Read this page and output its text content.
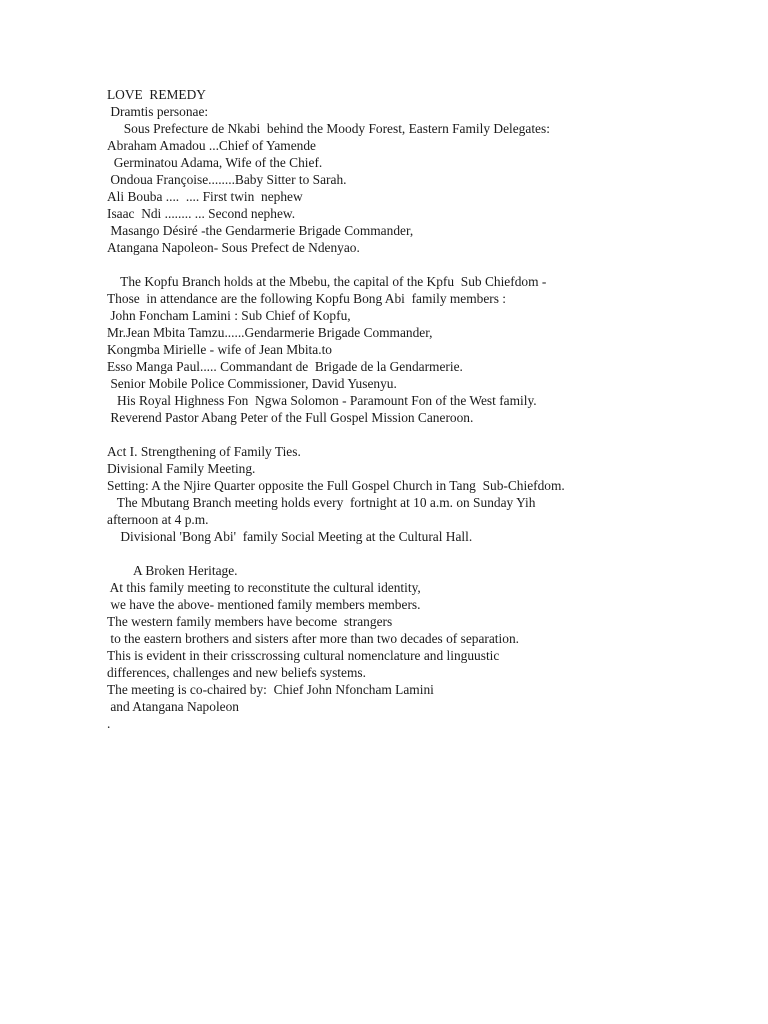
LOVE  REMEDY
Dramtis personae:
Sous Prefecture de Nkabi  behind the Moody Forest, Eastern Family Delegates:
Abraham Amadou ...Chief of Yamende
Germinatou Adama, Wife of the Chief.
Ondoua Françoise........Baby Sitter to Sarah.
Ali Bouba ....  .... First twin  nephew
Isaac  Ndi ........ ... Second nephew.
Masango Désiré -the Gendarmerie Brigade Commander,
Atangana Napoleon- Sous Prefect de Ndenyao.
The Kopfu Branch holds at the Mbebu, the capital of the Kpfu  Sub Chiefdom -
Those  in attendance are the following Kopfu Bong Abi  family members :
John Foncham Lamini : Sub Chief of Kopfu,
Mr.Jean Mbita Tamzu......Gendarmerie Brigade Commander,
Kongmba Mirielle - wife of Jean Mbita.to
Esso Manga Paul..... Commandant de  Brigade de la Gendarmerie.
Senior Mobile Police Commissioner, David Yusenyu.
His Royal Highness Fon  Ngwa Solomon - Paramount Fon of the West family.
Reverend Pastor Abang Peter of the Full Gospel Mission Caneroon.
Act I. Strengthening of Family Ties.
Divisional Family Meeting.
Setting: A the Njire Quarter opposite the Full Gospel Church in Tang  Sub-Chiefdom.
The Mbutang Branch meeting holds every  fortnight at 10 a.m. on Sunday Yih
afternoon at 4 p.m.
Divisional 'Bong Abi'  family Social Meeting at the Cultural Hall.
A Broken Heritage.
At this family meeting to reconstitute the cultural identity,
we have the above- mentioned family members members.
The western family members have become  strangers
to the eastern brothers and sisters after more than two decades of separation.
This is evident in their crisscrossing cultural nomenclature and linguustic
differences, challenges and new beliefs systems.
The meeting is co-chaired by:  Chief John Nfoncham Lamini
and Atangana Napoleon
.
